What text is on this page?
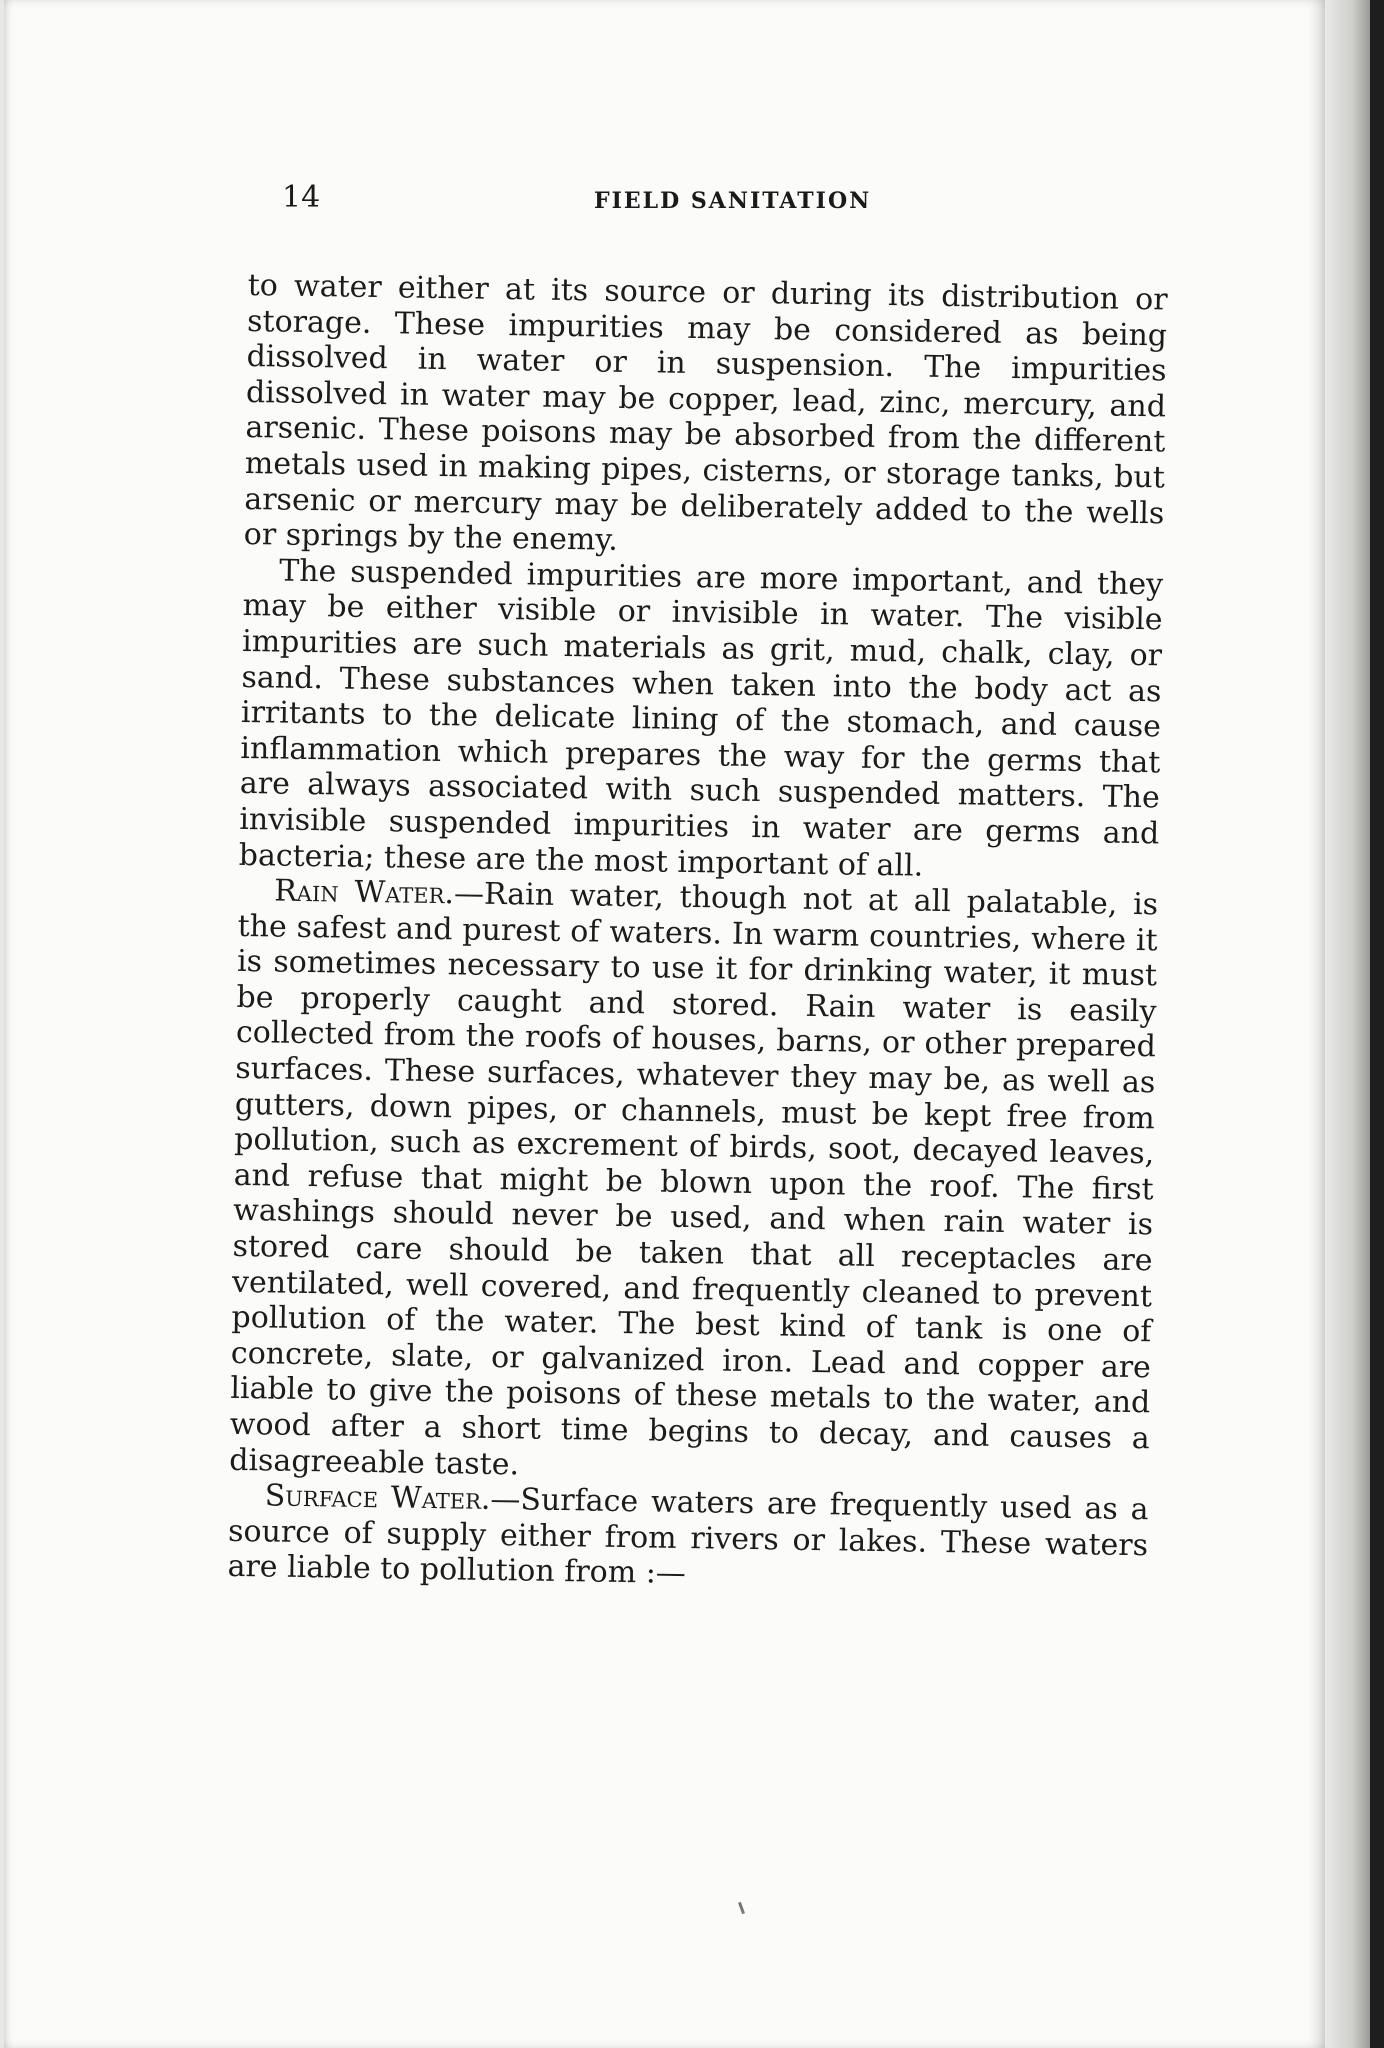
14	FIELD SANITATION

to water either at its source or during its distribution or storage. These impurities may be considered as being dissolved in water or in suspension. The impurities dissolved in water may be copper, lead, zinc, mercury, and arsenic. These poisons may be absorbed from the different metals used in making pipes, cisterns, or storage tanks, but arsenic or mercury may be deliberately added to the wells or springs by the enemy.

The suspended impurities are more important, and they may be either visible or invisible in water. The visible impurities are such materials as grit, mud, chalk, clay, or sand. These substances when taken into the body act as irritants to the delicate lining of the stomach, and cause inflammation which prepares the way for the germs that are always associated with such suspended matters. The invisible suspended impurities in water are germs and bacteria; these are the most important of all.

Rain Water.—Rain water, though not at all palatable, is the safest and purest of waters. In warm countries, where it is sometimes necessary to use it for drinking water, it must be properly caught and stored. Rain water is easily collected from the roofs of houses, barns, or other prepared surfaces. These surfaces, whatever they may be, as well as gutters, down pipes, or channels, must be kept free from pollution, such as excrement of birds, soot, decayed leaves, and refuse that might be blown upon the roof. The first washings should never be used, and when rain water is stored care should be taken that all receptacles are ventilated, well covered, and frequently cleaned to prevent pollution of the water. The best kind of tank is one of concrete, slate, or galvanized iron. Lead and copper are liable to give the poisons of these metals to the water, and wood after a short time begins to decay, and causes a disagreeable taste.

Surface Water.—Surface waters are frequently used as a source of supply either from rivers or lakes. These waters are liable to pollution from :—
